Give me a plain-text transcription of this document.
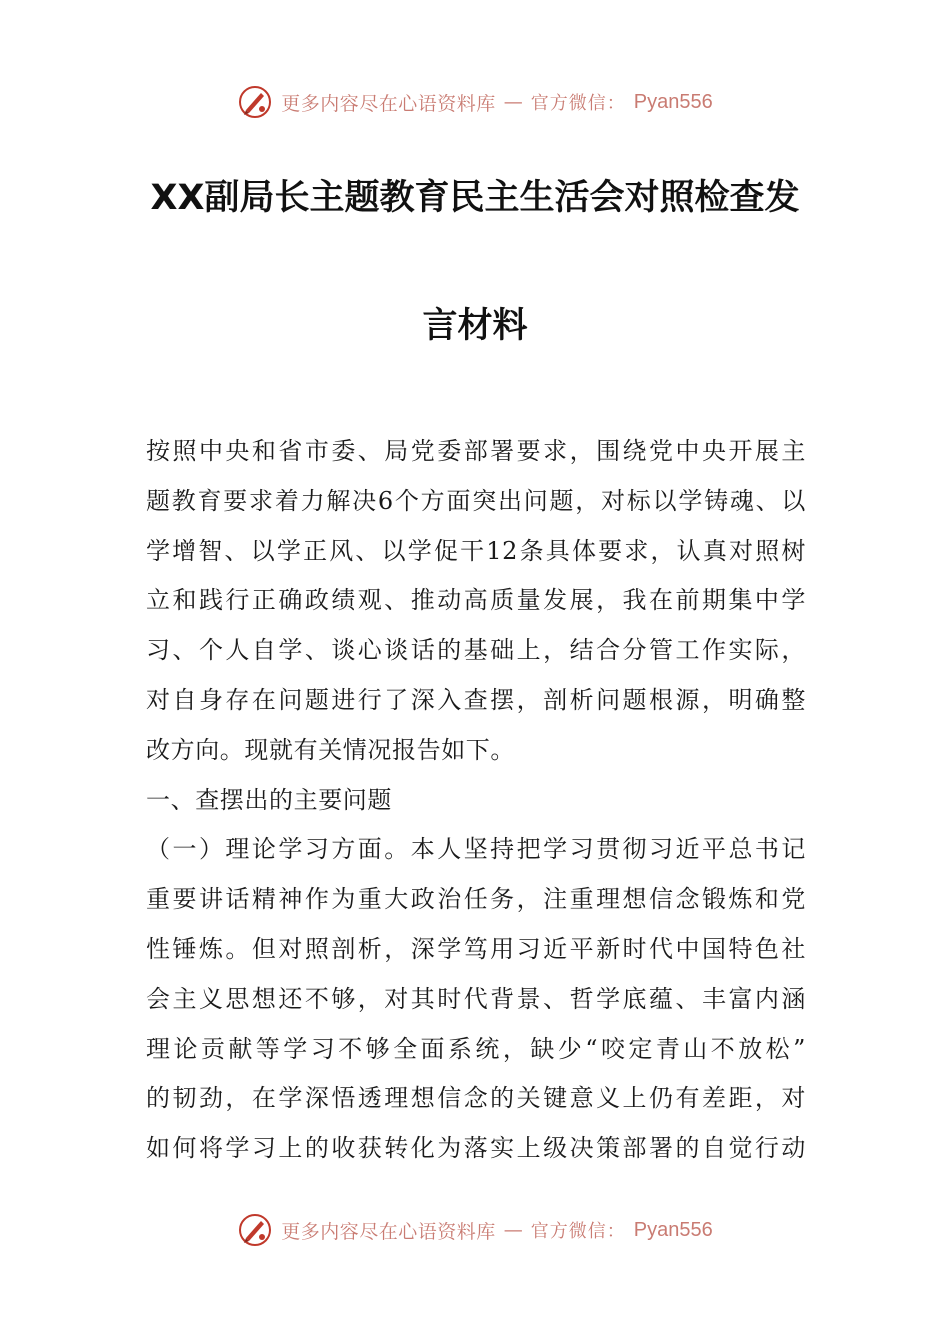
更多内容尽在心语资料库 — 官方微信： Pyan556
XX副局长主题教育民主生活会对照检查发
言材料
按照中央和省市委、局党委部署要求，围绕党中央开展主
题教育要求着力解决6个方面突出问题，对标以学铸魂、以
学增智、以学正风、以学促干12条具体要求，认真对照树
立和践行正确政绩观、推动高质量发展，我在前期集中学
习、个人自学、谈心谈话的基础上，结合分管工作实际，
对自身存在问题进行了深入查摆，剖析问题根源，明确整
改方向。现就有关情况报告如下。
一、查摆出的主要问题
（一）理论学习方面。本人坚持把学习贯彻习近平总书记
重要讲话精神作为重大政治任务，注重理想信念锻炼和党
性锤炼。但对照剖析，深学笃用习近平新时代中国特色社
会主义思想还不够，对其时代背景、哲学底蕴、丰富内涵
理论贡献等学习不够全面系统，缺少“咬定青山不放松”
的韧劲，在学深悟透理想信念的关键意义上仍有差距，对
如何将学习上的收获转化为落实上级决策部署的自觉行动
更多内容尽在心语资料库 — 官方微信： Pyan556
